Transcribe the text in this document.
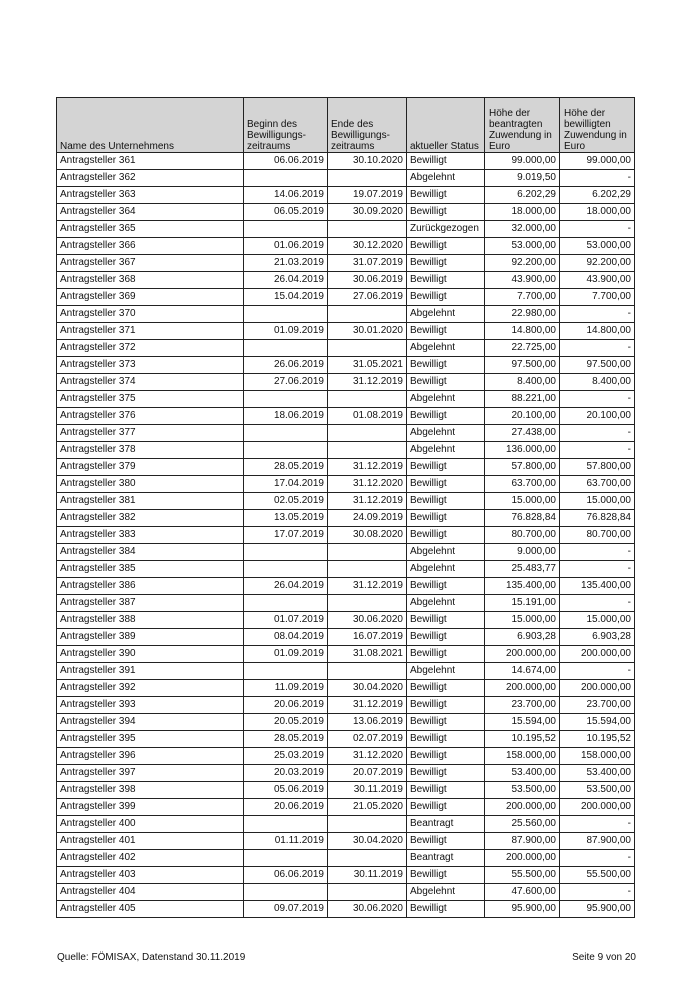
Name des Unternehmens	Beginn des Bewilligungs-zeitraums	Ende des Bewilligungs-zeitraums	aktueller Status	Höhe der beantragten Zuwendung in Euro	Höhe der bewilligten Zuwendung in Euro
Antragsteller 361	06.06.2019	30.10.2020	Bewilligt	99.000,00	99.000,00
Antragsteller 362			Abgelehnt	9.019,50	-
Antragsteller 363	14.06.2019	19.07.2019	Bewilligt	6.202,29	6.202,29
Antragsteller 364	06.05.2019	30.09.2020	Bewilligt	18.000,00	18.000,00
Antragsteller 365			Zurückgezogen	32.000,00	-
Antragsteller 366	01.06.2019	30.12.2020	Bewilligt	53.000,00	53.000,00
Antragsteller 367	21.03.2019	31.07.2019	Bewilligt	92.200,00	92.200,00
Antragsteller 368	26.04.2019	30.06.2019	Bewilligt	43.900,00	43.900,00
Antragsteller 369	15.04.2019	27.06.2019	Bewilligt	7.700,00	7.700,00
Antragsteller 370			Abgelehnt	22.980,00	-
Antragsteller 371	01.09.2019	30.01.2020	Bewilligt	14.800,00	14.800,00
Antragsteller 372			Abgelehnt	22.725,00	-
Antragsteller 373	26.06.2019	31.05.2021	Bewilligt	97.500,00	97.500,00
Antragsteller 374	27.06.2019	31.12.2019	Bewilligt	8.400,00	8.400,00
Antragsteller 375			Abgelehnt	88.221,00	-
Antragsteller 376	18.06.2019	01.08.2019	Bewilligt	20.100,00	20.100,00
Antragsteller 377			Abgelehnt	27.438,00	-
Antragsteller 378			Abgelehnt	136.000,00	-
Antragsteller 379	28.05.2019	31.12.2019	Bewilligt	57.800,00	57.800,00
Antragsteller 380	17.04.2019	31.12.2020	Bewilligt	63.700,00	63.700,00
Antragsteller 381	02.05.2019	31.12.2019	Bewilligt	15.000,00	15.000,00
Antragsteller 382	13.05.2019	24.09.2019	Bewilligt	76.828,84	76.828,84
Antragsteller 383	17.07.2019	30.08.2020	Bewilligt	80.700,00	80.700,00
Antragsteller 384			Abgelehnt	9.000,00	-
Antragsteller 385			Abgelehnt	25.483,77	-
Antragsteller 386	26.04.2019	31.12.2019	Bewilligt	135.400,00	135.400,00
Antragsteller 387			Abgelehnt	15.191,00	-
Antragsteller 388	01.07.2019	30.06.2020	Bewilligt	15.000,00	15.000,00
Antragsteller 389	08.04.2019	16.07.2019	Bewilligt	6.903,28	6.903,28
Antragsteller 390	01.09.2019	31.08.2021	Bewilligt	200.000,00	200.000,00
Antragsteller 391			Abgelehnt	14.674,00	-
Antragsteller 392	11.09.2019	30.04.2020	Bewilligt	200.000,00	200.000,00
Antragsteller 393	20.06.2019	31.12.2019	Bewilligt	23.700,00	23.700,00
Antragsteller 394	20.05.2019	13.06.2019	Bewilligt	15.594,00	15.594,00
Antragsteller 395	28.05.2019	02.07.2019	Bewilligt	10.195,52	10.195,52
Antragsteller 396	25.03.2019	31.12.2020	Bewilligt	158.000,00	158.000,00
Antragsteller 397	20.03.2019	20.07.2019	Bewilligt	53.400,00	53.400,00
Antragsteller 398	05.06.2019	30.11.2019	Bewilligt	53.500,00	53.500,00
Antragsteller 399	20.06.2019	21.05.2020	Bewilligt	200.000,00	200.000,00
Antragsteller 400			Beantragt	25.560,00	-
Antragsteller 401	01.11.2019	30.04.2020	Bewilligt	87.900,00	87.900,00
Antragsteller 402			Beantragt	200.000,00	-
Antragsteller 403	06.06.2019	30.11.2019	Bewilligt	55.500,00	55.500,00
Antragsteller 404			Abgelehnt	47.600,00	-
Antragsteller 405	09.07.2019	30.06.2020	Bewilligt	95.900,00	95.900,00
Quelle: FÖMISAX, Datenstand 30.11.2019	Seite 9 von 20
